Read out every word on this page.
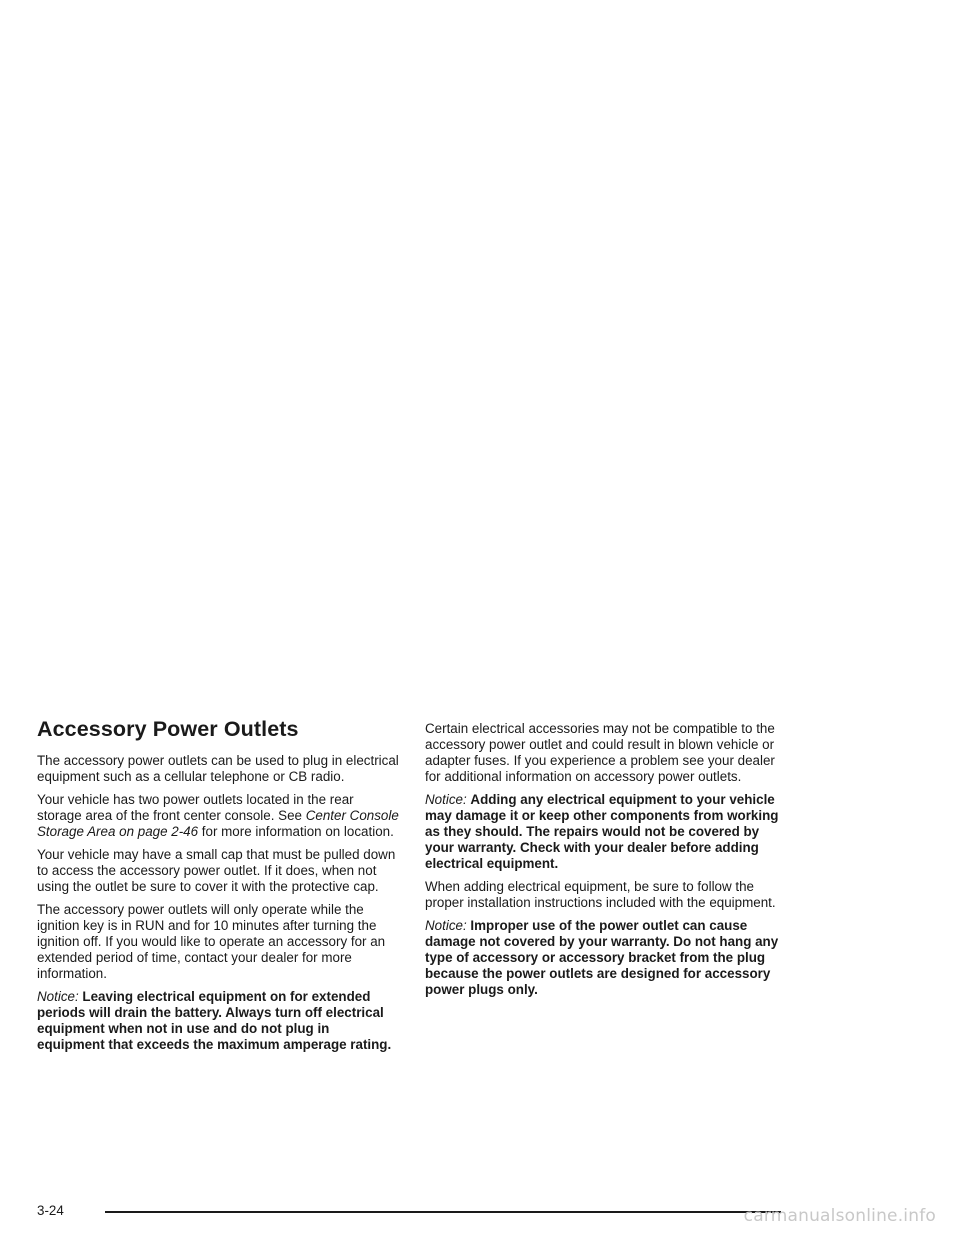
Accessory Power Outlets

The accessory power outlets can be used to plug in electrical equipment such as a cellular telephone or CB radio.

Your vehicle has two power outlets located in the rear storage area of the front center console. See Center Console Storage Area on page 2-46 for more information on location.

Your vehicle may have a small cap that must be pulled down to access the accessory power outlet. If it does, when not using the outlet be sure to cover it with the protective cap.

The accessory power outlets will only operate while the ignition key is in RUN and for 10 minutes after turning the ignition off. If you would like to operate an accessory for an extended period of time, contact your dealer for more information.

Notice: Leaving electrical equipment on for extended periods will drain the battery. Always turn off electrical equipment when not in use and do not plug in equipment that exceeds the maximum amperage rating.

Certain electrical accessories may not be compatible to the accessory power outlet and could result in blown vehicle or adapter fuses. If you experience a problem see your dealer for additional information on accessory power outlets.

Notice: Adding any electrical equipment to your vehicle may damage it or keep other components from working as they should. The repairs would not be covered by your warranty. Check with your dealer before adding electrical equipment.

When adding electrical equipment, be sure to follow the proper installation instructions included with the equipment.

Notice: Improper use of the power outlet can cause damage not covered by your warranty. Do not hang any type of accessory or accessory bracket from the plug because the power outlets are designed for accessory power plugs only.

3-24	carmanualsonline.info
